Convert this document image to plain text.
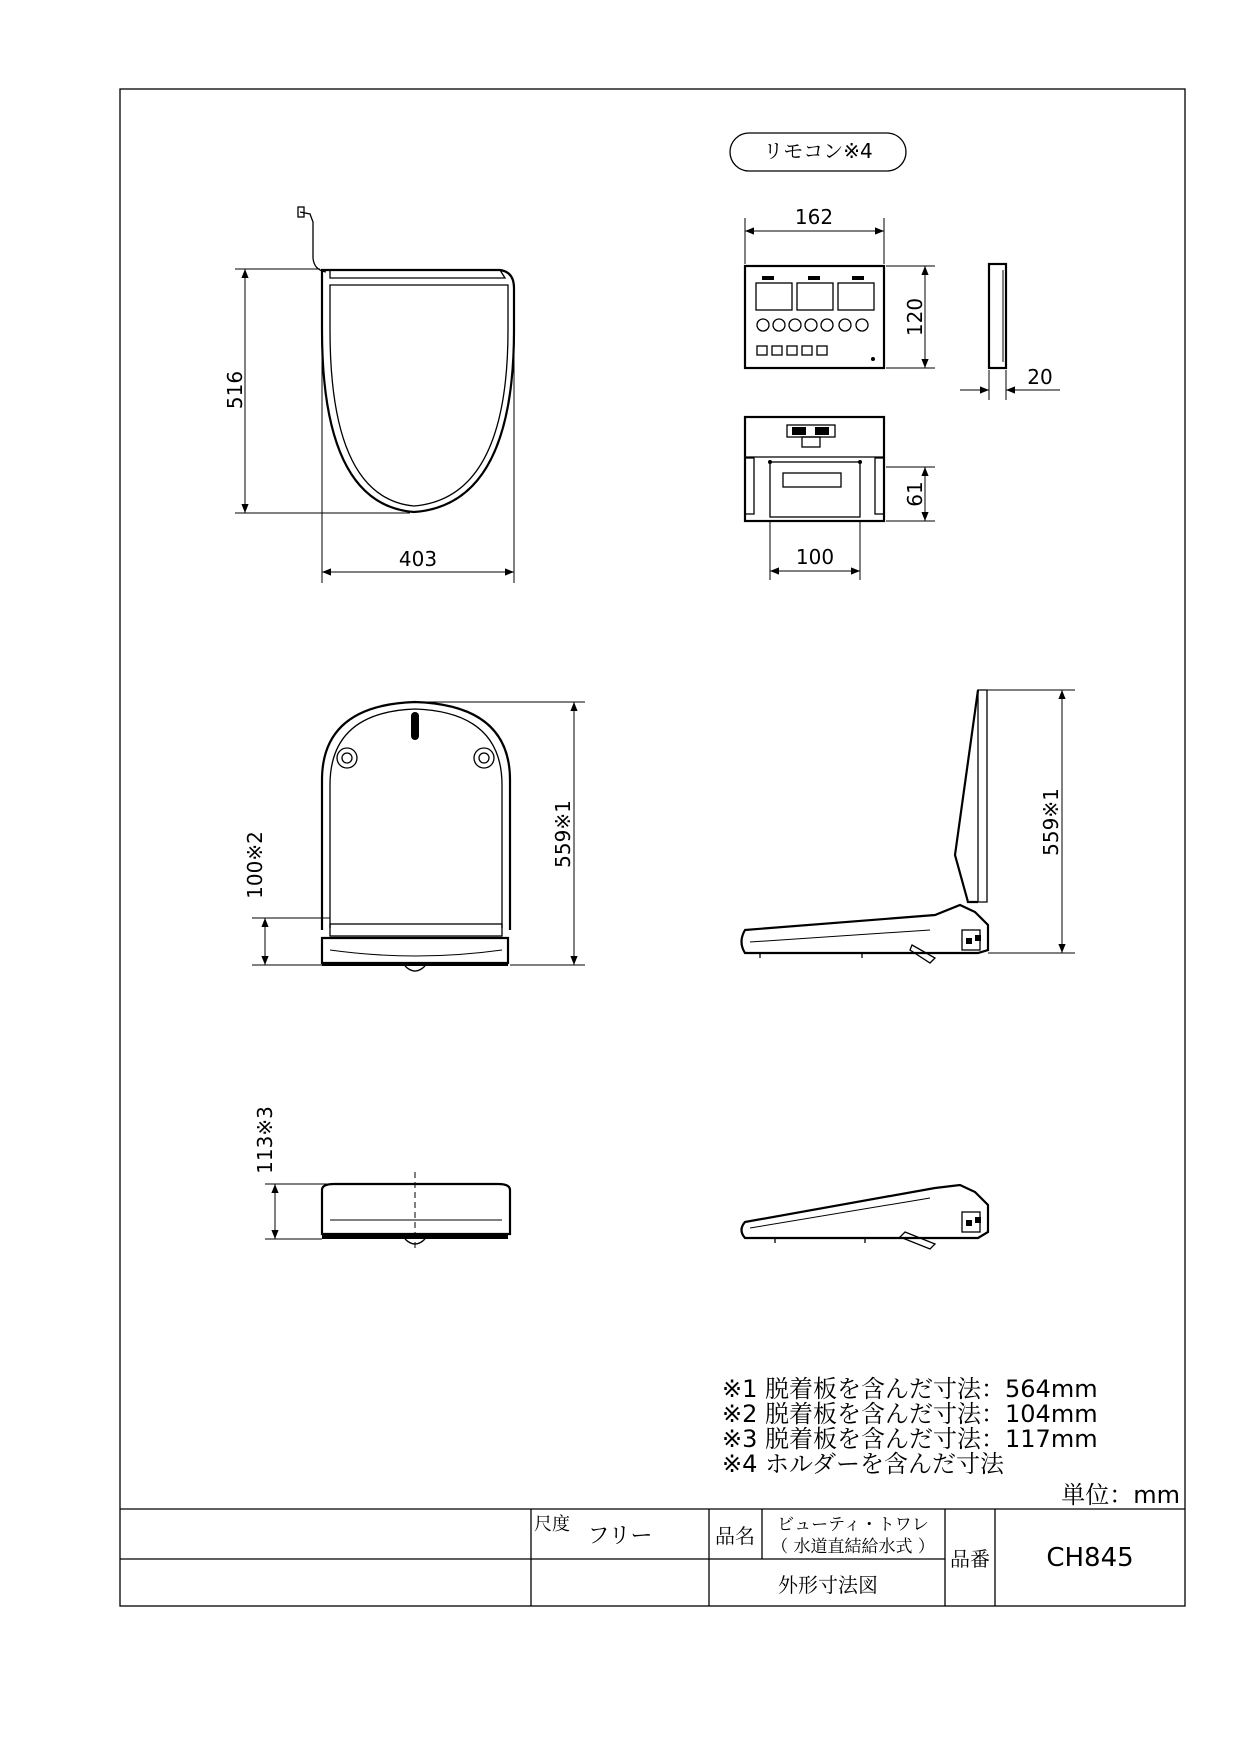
516
403
リモコン※4
162
120
20
61
100
559※1
100※2
559※1
113※3
※1 脱着板を含んだ寸法：564mm
※2 脱着板を含んだ寸法：104mm
※3 脱着板を含んだ寸法：117mm
※4 ホルダーを含んだ寸法
単位：mm
尺度 フリー	品名 ビューティ・トワレ
（ 水道直結給水式 ）
外形寸法図
品番 CH845
